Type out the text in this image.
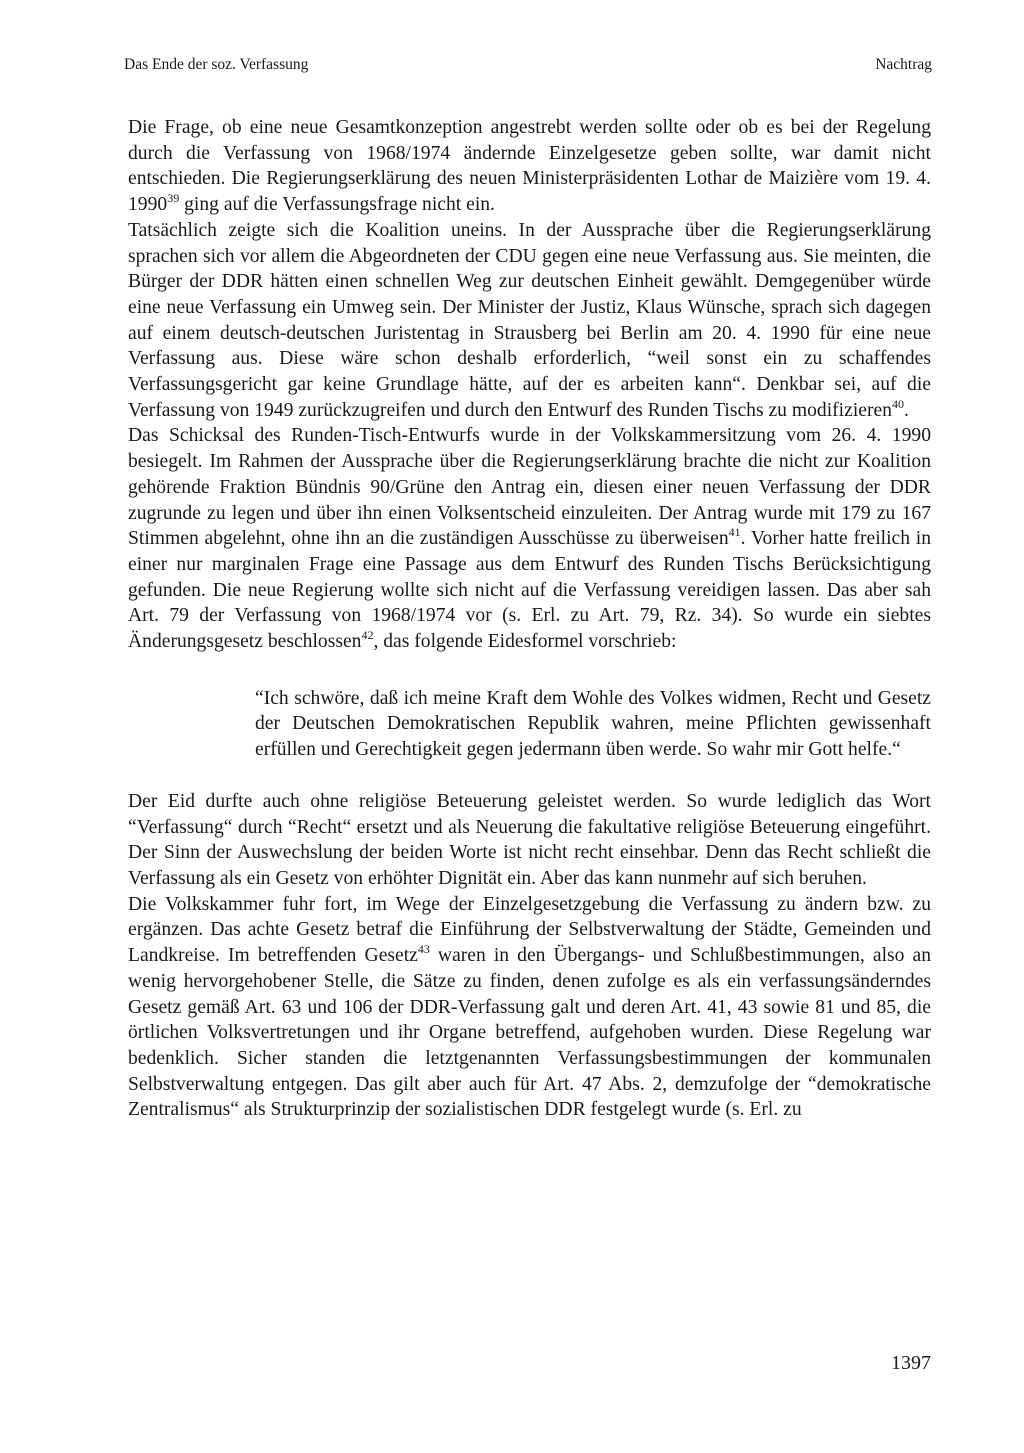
Das Ende der soz. Verfassung	Nachtrag

Die Frage, ob eine neue Gesamtkonzeption angestrebt werden sollte oder ob es bei der Regelung durch die Verfassung von 1968/1974 ändernde Einzelgesetze geben sollte, war damit nicht entschieden. Die Regierungserklärung des neuen Ministerpräsidenten Lothar de Maizière vom 19. 4. 1990$^{39}$ ging auf die Verfassungsfrage nicht ein.

Tatsächlich zeigte sich die Koalition uneins. In der Aussprache über die Regierungserklärung sprachen sich vor allem die Abgeordneten der CDU gegen eine neue Verfassung aus. Sie meinten, die Bürger der DDR hätten einen schnellen Weg zur deutschen Einheit gewählt. Demgegenüber würde eine neue Verfassung ein Umweg sein. Der Minister der Justiz, Klaus Wünsche, sprach sich dagegen auf einem deutsch-deutschen Juristentag in Strausberg bei Berlin am 20. 4. 1990 für eine neue Verfassung aus. Diese wäre schon deshalb erforderlich, “weil sonst ein zu schaffendes Verfassungsgericht gar keine Grundlage hätte, auf der es arbeiten kann“. Denkbar sei, auf die Verfassung von 1949 zurückzugreifen und durch den Entwurf des Runden Tischs zu modifizieren$^{40}$.

Das Schicksal des Runden-Tisch-Entwurfs wurde in der Volkskammersitzung vom 26. 4. 1990 besiegelt. Im Rahmen der Aussprache über die Regierungserklärung brachte die nicht zur Koalition gehörende Fraktion Bündnis 90/Grüne den Antrag ein, diesen einer neuen Verfassung der DDR zugrunde zu legen und über ihn einen Volksentscheid einzuleiten. Der Antrag wurde mit 179 zu 167 Stimmen abgelehnt, ohne ihn an die zuständigen Ausschüsse zu überweisen$^{41}$. Vorher hatte freilich in einer nur marginalen Frage eine Passage aus dem Entwurf des Runden Tischs Berücksichtigung gefunden. Die neue Regierung wollte sich nicht auf die Verfassung vereidigen lassen. Das aber sah Art. 79 der Verfassung von 1968/1974 vor (s. Erl. zu Art. 79, Rz. 34). So wurde ein siebtes Änderungsgesetz beschlossen$^{42}$, das folgende Eidesformel vorschrieb:

“Ich schwöre, daß ich meine Kraft dem Wohle des Volkes widmen, Recht und Gesetz der Deutschen Demokratischen Republik wahren, meine Pflichten gewissenhaft erfüllen und Gerechtigkeit gegen jedermann üben werde. So wahr mir Gott helfe.“

Der Eid durfte auch ohne religiöse Beteuerung geleistet werden. So wurde lediglich das Wort “Verfassung“ durch “Recht“ ersetzt und als Neuerung die fakultative religiöse Beteuerung eingeführt. Der Sinn der Auswechslung der beiden Worte ist nicht recht einsehbar. Denn das Recht schließt die Verfassung als ein Gesetz von erhöhter Dignität ein. Aber das kann nunmehr auf sich beruhen.

Die Volkskammer fuhr fort, im Wege der Einzelgesetzgebung die Verfassung zu ändern bzw. zu ergänzen. Das achte Gesetz betraf die Einführung der Selbstverwaltung der Städte, Gemeinden und Landkreise. Im betreffenden Gesetz$^{43}$ waren in den Übergangs- und Schlußbestimmungen, also an wenig hervorgehobener Stelle, die Sätze zu finden, denen zufolge es als ein verfassungsänderndes Gesetz gemäß Art. 63 und 106 der DDR-Verfassung galt und deren Art. 41, 43 sowie 81 und 85, die örtlichen Volksvertretungen und ihr Organe betreffend, aufgehoben wurden. Diese Regelung war bedenklich. Sicher standen die letztgenannten Verfassungsbestimmungen der kommunalen Selbstverwaltung entgegen. Das gilt aber auch für Art. 47 Abs. 2, demzufolge der “demokratische Zentralismus“ als Strukturprinzip der sozialistischen DDR festgelegt wurde (s. Erl. zu

1397
